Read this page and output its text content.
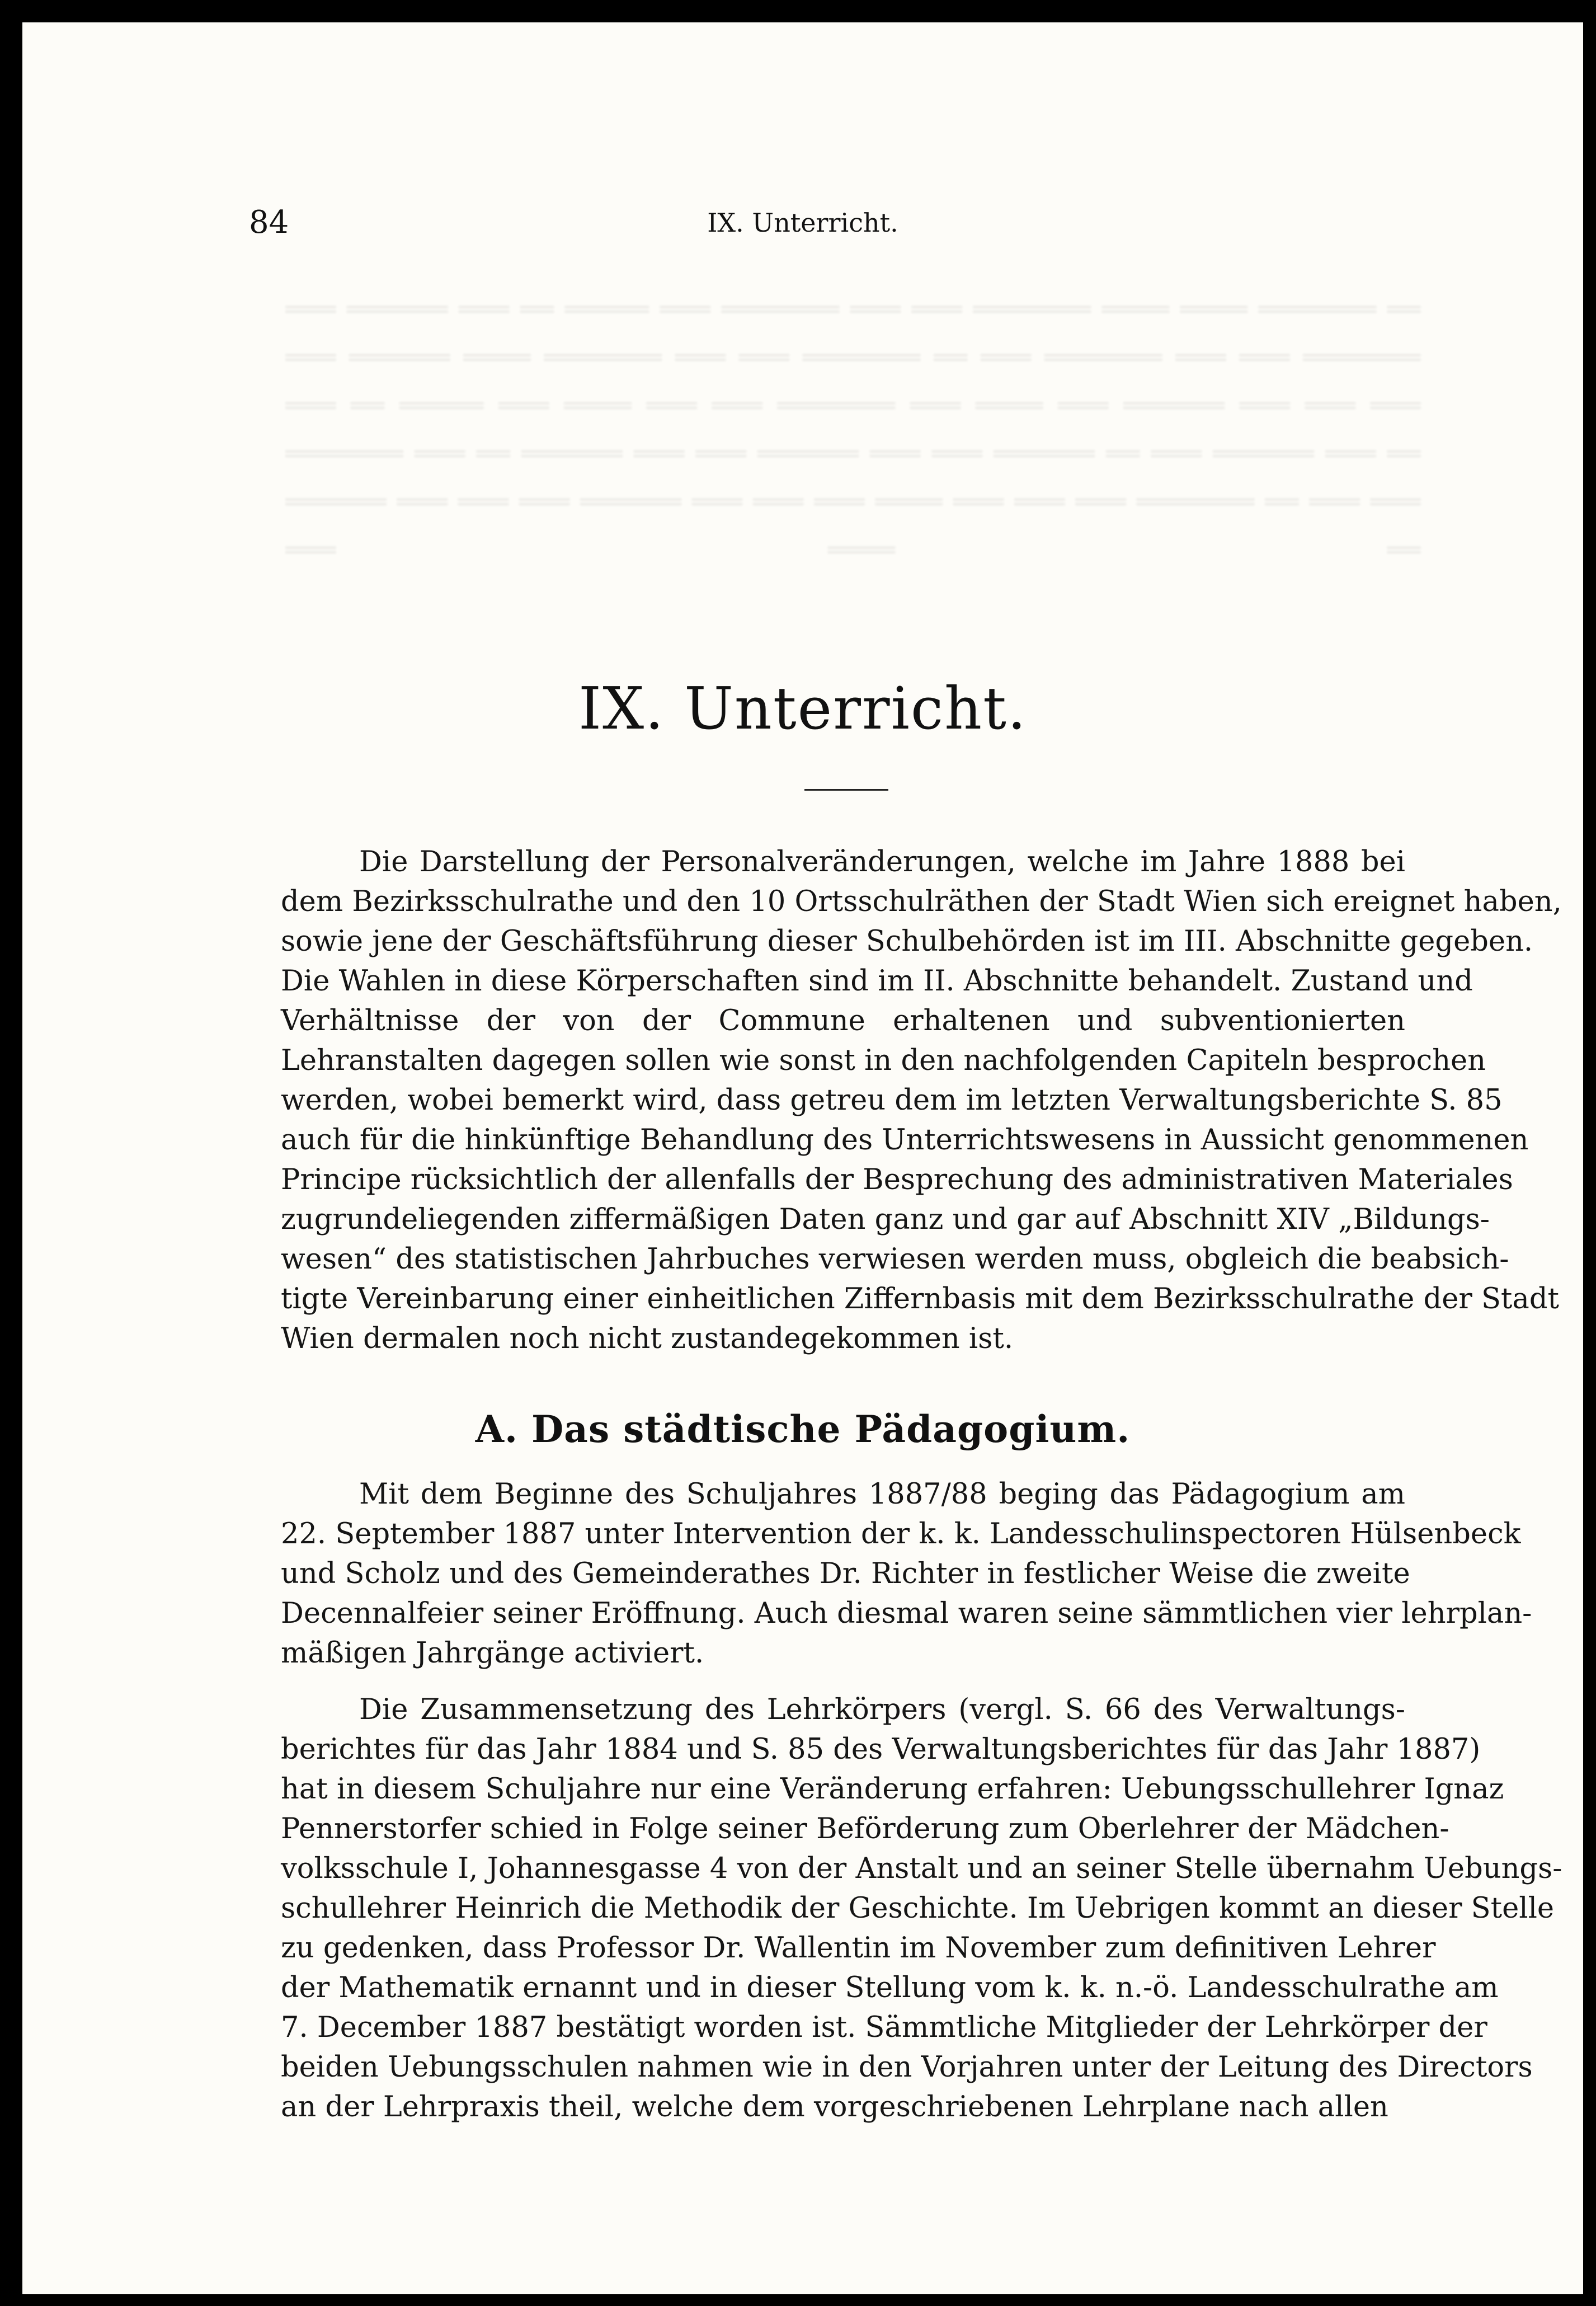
84	IX. Unterricht.
═══ ══════ ═══ ══ ═════ ═══ ═══════ ═══ ═══ ═══════ ════ ════ ═══════ ══ ═══ ══════ ════ ═══════ ═══ ═══ ═══════ ══ ═══ ═══════ ═══ ═══ ═══════ ═══ ══ ═════ ═══ ════ ═══ ═══ ═══════ ═══ ════ ═══ ══════ ═══ ═══ ═══ ═══════ ═══ ══ ══════ ═══ ═══ ══════ ═══ ═══ ══════ ══ ═══ ══════ ═══ ══ ══════ ═══ ═══ ═══ ══════ ═══ ═══ ═══ ════ ═══ ═══ ═══ ═══════ ══ ═══ ═══ ═══ ════ ══
IX. Unterricht.
Die Darstellung der Personalveränderungen, welche im Jahre 1888 bei
dem Bezirksschulrathe und den 10 Ortsschulräthen der Stadt Wien sich ereignet haben,
sowie jene der Geschäftsführung dieser Schulbehörden ist im III. Abschnitte gegeben.
Die Wahlen in diese Körperschaften sind im II. Abschnitte behandelt. Zustand und
Verhältnisse der von der Commune erhaltenen und subventionierten
Lehranstalten dagegen sollen wie sonst in den nachfolgenden Capiteln besprochen
werden, wobei bemerkt wird, dass getreu dem im letzten Verwaltungsberichte S. 85
auch für die hinkünftige Behandlung des Unterrichtswesens in Aussicht genommenen
Principe rücksichtlich der allenfalls der Besprechung des administrativen Materiales
zugrundeliegenden ziffermäßigen Daten ganz und gar auf Abschnitt XIV „Bildungs-
wesen“ des statistischen Jahrbuches verwiesen werden muss, obgleich die beabsich-
tigte Vereinbarung einer einheitlichen Ziffernbasis mit dem Bezirksschulrathe der Stadt
Wien dermalen noch nicht zustandegekommen ist.
A. Das städtische Pädagogium.
Mit dem Beginne des Schuljahres 1887/88 beging das Pädagogium am
22. September 1887 unter Intervention der k. k. Landesschulinspectoren Hülsenbeck
und Scholz und des Gemeinderathes Dr. Richter in festlicher Weise die zweite
Decennalfeier seiner Eröffnung. Auch diesmal waren seine sämmtlichen vier lehrplan-
mäßigen Jahrgänge activiert.
Die Zusammensetzung des Lehrkörpers (vergl. S. 66 des Verwaltungs-
berichtes für das Jahr 1884 und S. 85 des Verwaltungsberichtes für das Jahr 1887)
hat in diesem Schuljahre nur eine Veränderung erfahren: Uebungsschullehrer Ignaz
Pennerstorfer schied in Folge seiner Beförderung zum Oberlehrer der Mädchen-
volksschule I, Johannesgasse 4 von der Anstalt und an seiner Stelle übernahm Uebungs-
schullehrer Heinrich die Methodik der Geschichte. Im Uebrigen kommt an dieser Stelle
zu gedenken, dass Professor Dr. Wallentin im November zum definitiven Lehrer
der Mathematik ernannt und in dieser Stellung vom k. k. n.-ö. Landesschulrathe am
7. December 1887 bestätigt worden ist. Sämmtliche Mitglieder der Lehrkörper der
beiden Uebungsschulen nahmen wie in den Vorjahren unter der Leitung des Directors
an der Lehrpraxis theil, welche dem vorgeschriebenen Lehrplane nach allen
